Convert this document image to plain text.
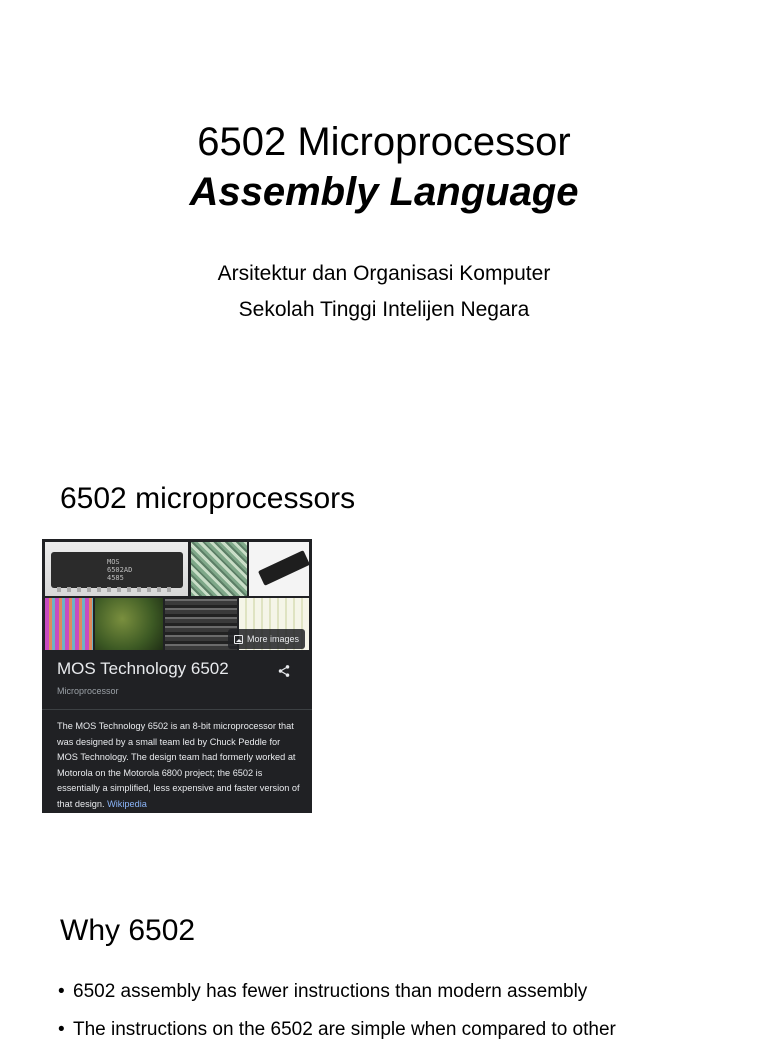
6502 Microprocessor
Assembly Language

Arsitektur dan Organisasi Komputer

Sekolah Tinggi Intelijen Negara

6502 microprocessors
MOS
6502AD
4585
More images
MOS Technology 6502
Microprocessor
The MOS Technology 6502 is an 8-bit microprocessor that was designed by a small team led by Chuck Peddle for MOS Technology. The design team had formerly worked at Motorola on the Motorola 6800 project; the 6502 is essentially a simplified, less expensive and faster version of that design. Wikipedia
Why 6502
• 6502 assembly has fewer instructions than modern assembly
• The instructions on the 6502 are simple when compared to other
